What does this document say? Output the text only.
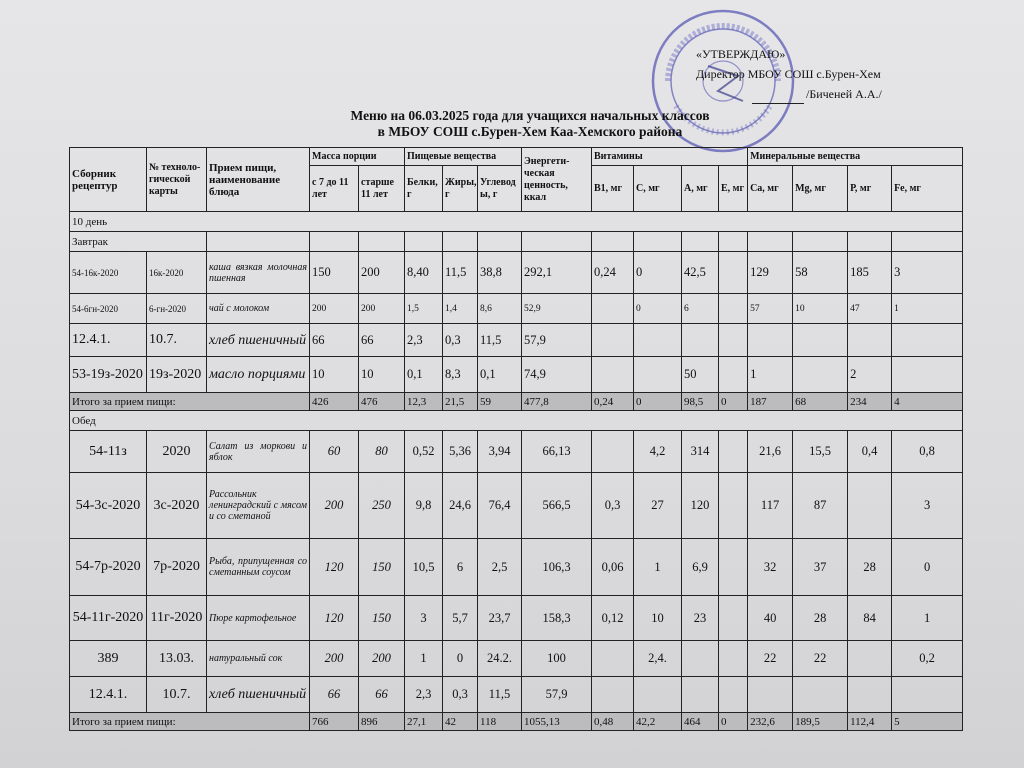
«УТВЕРЖДАЮ»
Директор МБОУ СОШ с.Бурен-Хем
/Биченей А.А./
Меню на 06.03.2025 года для учащихся начальных классов
в МБОУ СОШ с.Бурен-Хем Каа-Хемского района
Сборник рецептур	№ техноло-гической карты	Прием пищи, наименование блюда	Масса порции		Пищевые вещества			Энергети-ческая ценность, ккал	Витамины				Минеральные вещества			
			с 7 до 11 лет	старше 11 лет	Белки, г	Жиры, г	Углевод ы, г		В1, мг	С, мг	А, мг	Е, мг	Са, мг	Mg, мг	Р, мг	Fe, мг
10 день																
Завтрак																
54-16к-2020	16к-2020	каша вязкая молочная пшенная	150	200	8,40	11,5	38,8	292,1	0,24	0	42,5		129	58	185	3
54-6гн-2020	6-гн-2020	чай с молоком	200	200	1,5	1,4	8,6	52,9		0	6		57	10	47	1
12.4.1.	10.7.	хлеб пшеничный	66	66	2,3	0,3	11,5	57,9								
53-19з-2020	19з-2020	масло порциями	10	10	0,1	8,3	0,1	74,9			50		1		2	
Итого за прием пищи:			426	476	12,3	21,5	59	477,8	0,24	0	98,5	0	187	68	234	4
Обед																
54-11з	2020	Салат из моркови и яблок	60	80	0,52	5,36	3,94	66,13		4,2	314		21,6	15,5	0,4	0,8
54-3с-2020	3с-2020	Рассольник ленинградский с мясом и со сметаной	200	250	9,8	24,6	76,4	566,5	0,3	27	120		117	87		3
54-7р-2020	7р-2020	Рыба, припущенная со сметанным соусом	120	150	10,5	6	2,5	106,3	0,06	1	6,9		32	37	28	0
54-11г-2020	11г-2020	Пюре картофельное	120	150	3	5,7	23,7	158,3	0,12	10	23		40	28	84	1
389	13.03.	натуральный сок	200	200	1	0	24.2.	100		2,4.			22	22		0,2
12.4.1.	10.7.	хлеб пшеничный	66	66	2,3	0,3	11,5	57,9								
Итого за прием пищи:			766	896	27,1	42	118	1055,13	0,48	42,2	464	0	232,6	189,5	112,4	5
